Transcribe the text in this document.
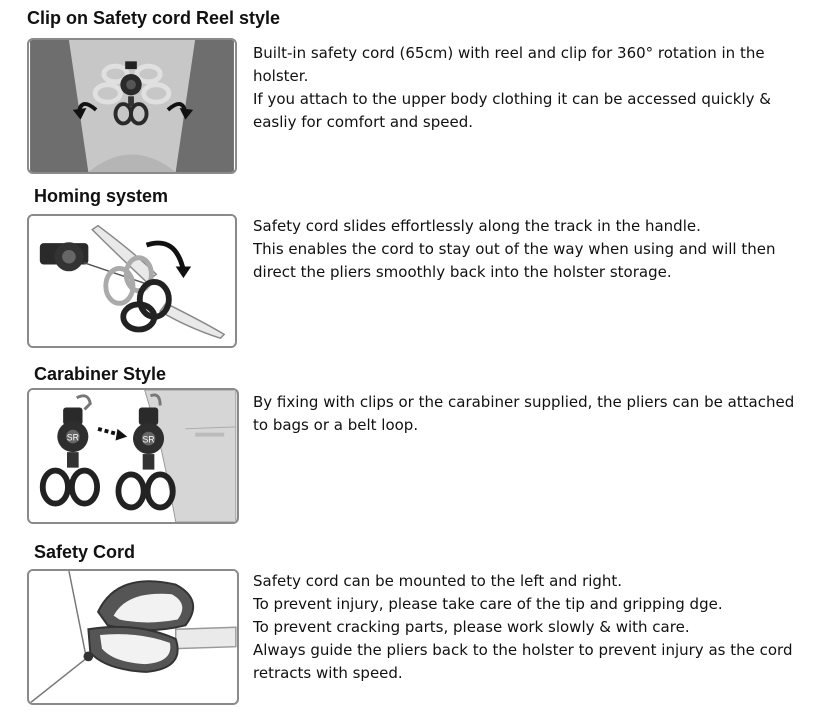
Clip on Safety cord Reel style
Built-in safety cord (65cm) with reel and clip for 360° rotation in the
holster.
If you attach to the upper body clothing it can be accessed quickly &
easliy for comfort and speed.
Homing system
Safety cord slides effortlessly along the track in the handle.
This enables the cord to stay out of the way when using and will then
direct the pliers smoothly back into the holster storage.
Carabiner Style
SR	SR
By fixing with clips or the carabiner supplied, the pliers can be attached
to bags or a belt loop.
Safety Cord
Safety cord can be mounted to the left and right.
To prevent injury, please take care of the tip and gripping dge.
To prevent cracking parts, please work slowly & with care.
Always guide the pliers back to the holster to prevent injury as the cord
retracts with speed.
